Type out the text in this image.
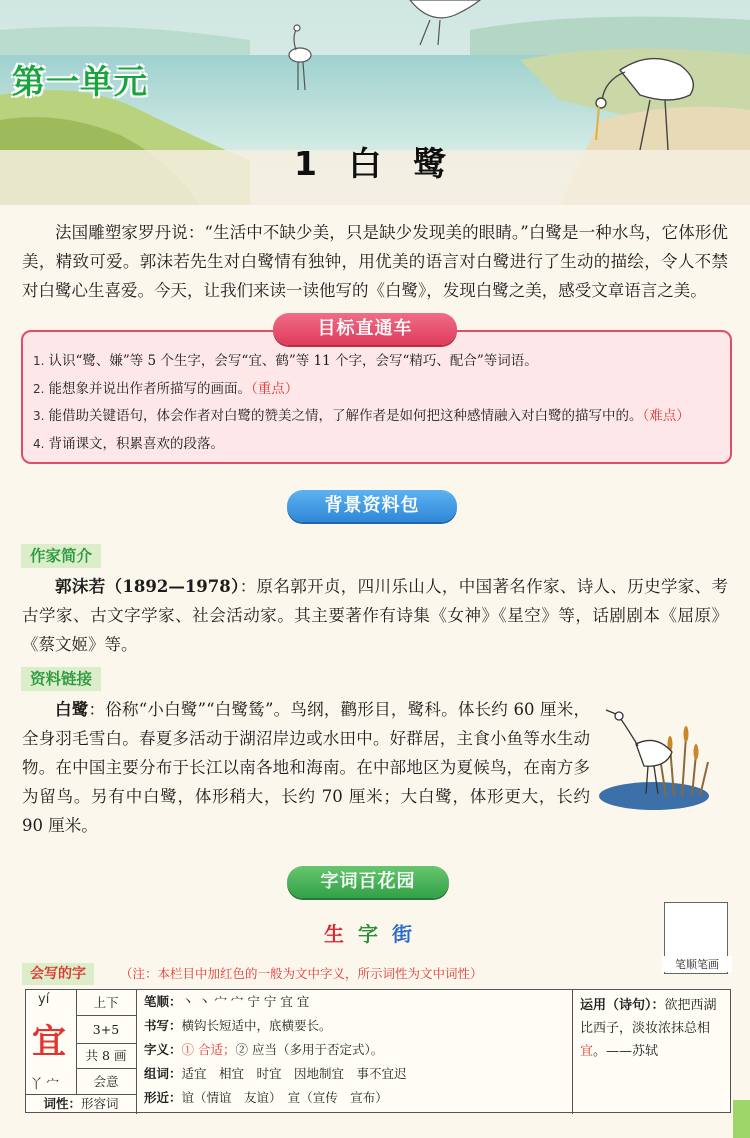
第一单元
1 白 鹭

法国雕塑家罗丹说：“生活中不缺少美，只是缺少发现美的眼睛。”白鹭是一种水鸟，它体形优美，精致可爱。郭沫若先生对白鹭情有独钟，用优美的语言对白鹭进行了生动的描绘，令人不禁对白鹭心生喜爱。今天，让我们来读一读他写的《白鹭》，发现白鹭之美，感受文章语言之美。

1. 认识“鹭、嫌”等 5 个生字，会写“宜、鹤”等 11 个字，会写“精巧、配合”等词语。
2. 能想象并说出作者所描写的画面。（重点）
3. 能借助关键语句，体会作者对白鹭的赞美之情，了解作者是如何把这种感情融入对白鹭的描写中的。（难点）
4. 背诵课文，积累喜欢的段落。
目标直通车
背景资料包
作家简介

郭沫若（1892—1978）：原名郭开贞，四川乐山人，中国著名作家、诗人、历史学家、考古学家、古文字学家、社会活动家。其主要著作有诗集《女神》《星空》等，话剧剧本《屈原》《蔡文姬》等。

资料链接

白鹭：俗称“小白鹭”“白鹭鸶”。鸟纲，鹳形目，鹭科。体长约 60 厘米，全身羽毛雪白。春夏多活动于湖沼岸边或水田中。好群居，主食小鱼等水生动物。在中国主要分布于长江以南各地和海南。在中部地区为夏候鸟，在南方多为留鸟。另有中白鹭，体形稍大，长约 70 厘米；大白鹭，体形更大，长约 90 厘米。

字词百花园
生字街
笔顺笔画
会写的字	（注：本栏目中加红色的一般为文中字义，所示词性为文中词性）
yí
宜
丫 宀
上下
3+5
共 8 画
会意
词性：形容词
笔顺：丶 丶 宀 宀 宁 宁 宜 宜
书写：横钩长短适中，底横要长。
字义：① 合适；② 应当（多用于否定式）。
组词：适宜　相宜　时宜　因地制宜　事不宜迟
形近：谊（情谊　友谊）　宣（宣传　宣布）
运用（诗句）：欲把西湖比西子，淡妆浓抹总相宜。——苏轼
